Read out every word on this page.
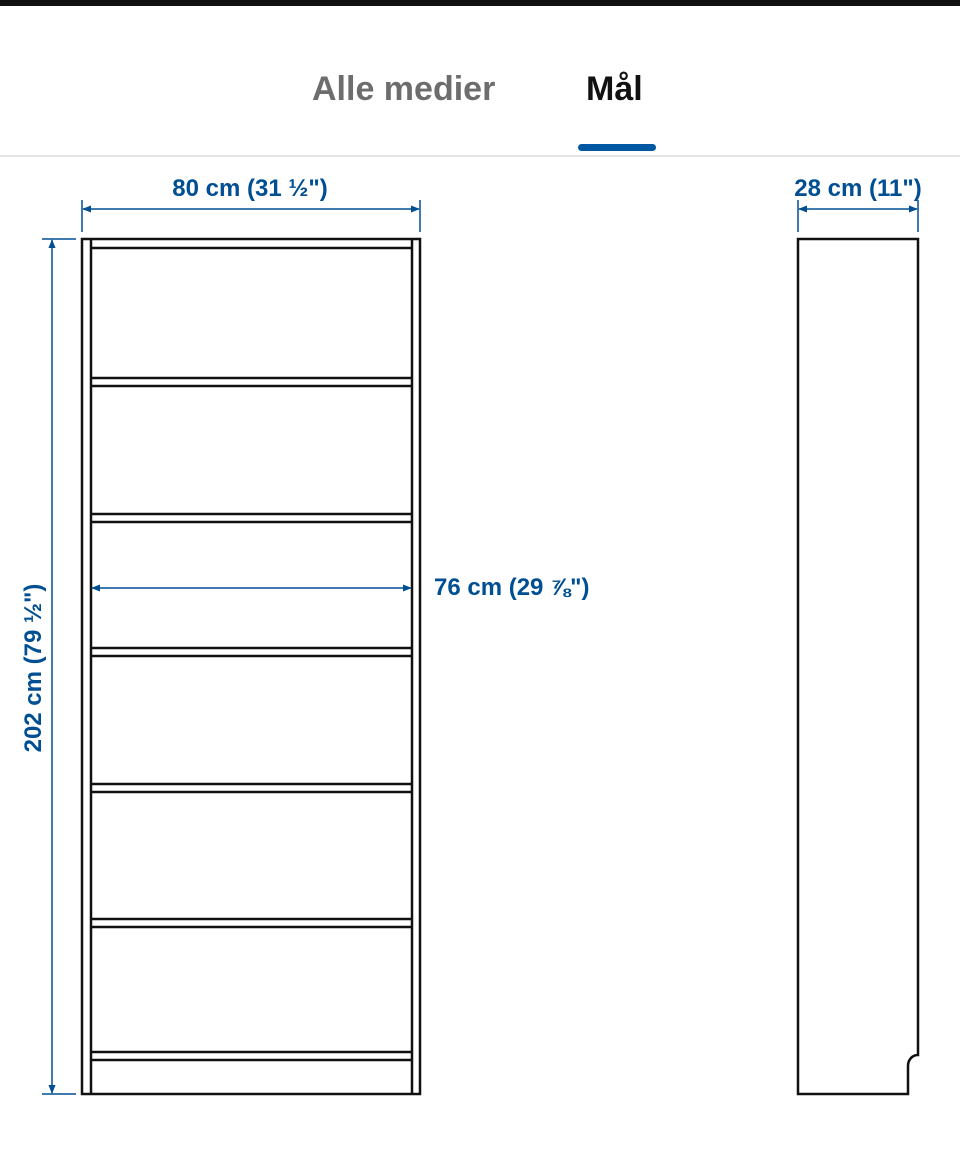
Alle medier	Mål
80 cm (31 ½")
202 cm (79 ½")	76 cm (29 ⅞")
28 cm (11")
